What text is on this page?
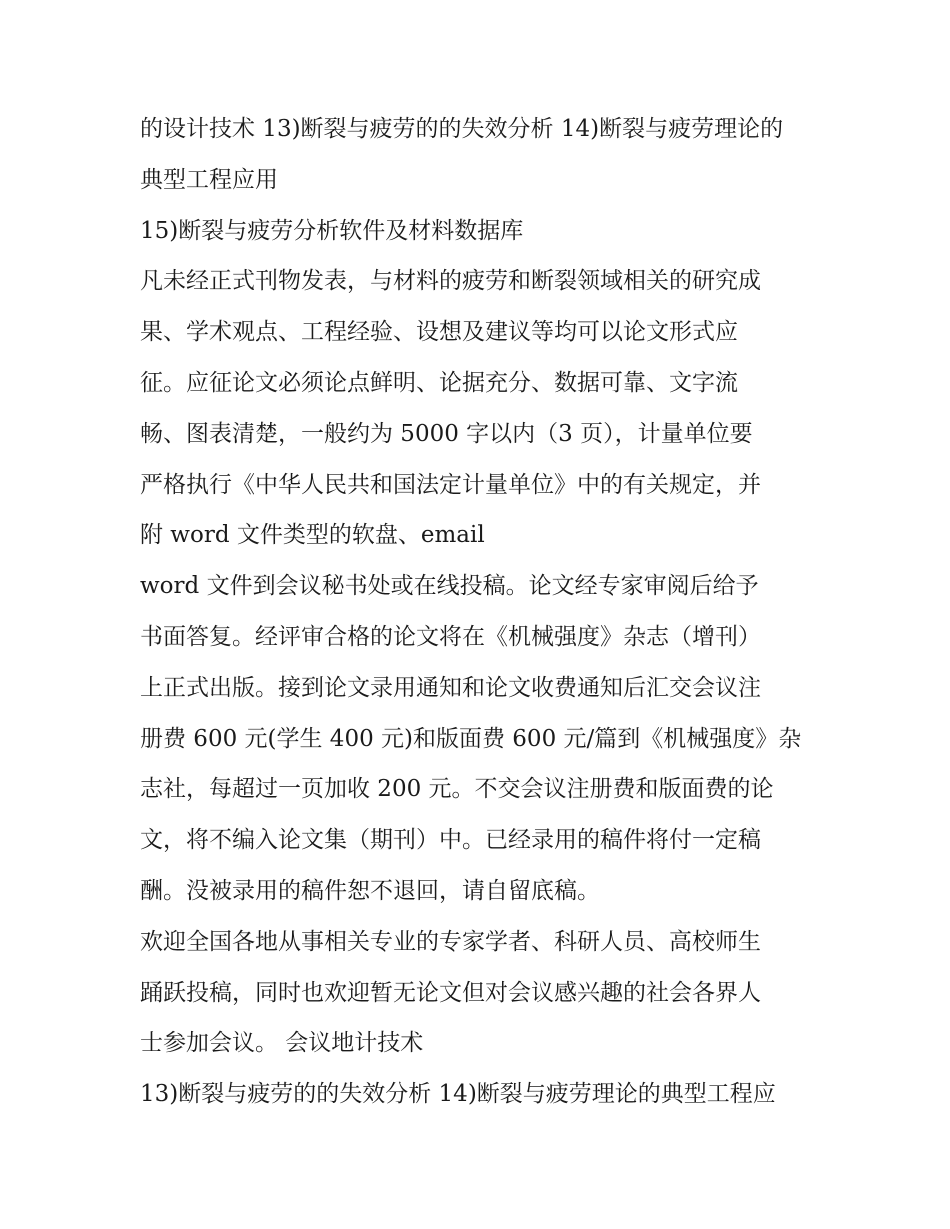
的设计技术 13)断裂与疲劳的的失效分析 14)断裂与疲劳理论的
典型工程应用
15)断裂与疲劳分析软件及材料数据库
凡未经正式刊物发表，与材料的疲劳和断裂领域相关的研究成
果、学术观点、工程经验、设想及建议等均可以论文形式应
征。应征论文必须论点鲜明、论据充分、数据可靠、文字流
畅、图表清楚，一般约为 5000 字以内（3 页），计量单位要
严格执行《中华人民共和国法定计量单位》中的有关规定，并
附 word 文件类型的软盘、email
word 文件到会议秘书处或在线投稿。论文经专家审阅后给予
书面答复。经评审合格的论文将在《机械强度》杂志（增刊）
上正式出版。接到论文录用通知和论文收费通知后汇交会议注
册费 600 元(学生 400 元)和版面费 600 元/篇到《机械强度》杂
志社，每超过一页加收 200 元。不交会议注册费和版面费的论
文，将不编入论文集（期刊）中。已经录用的稿件将付一定稿
酬。没被录用的稿件恕不退回，请自留底稿。
欢迎全国各地从事相关专业的专家学者、科研人员、高校师生
踊跃投稿，同时也欢迎暂无论文但对会议感兴趣的社会各界人
士参加会议。 会议地计技术
13)断裂与疲劳的的失效分析 14)断裂与疲劳理论的典型工程应
